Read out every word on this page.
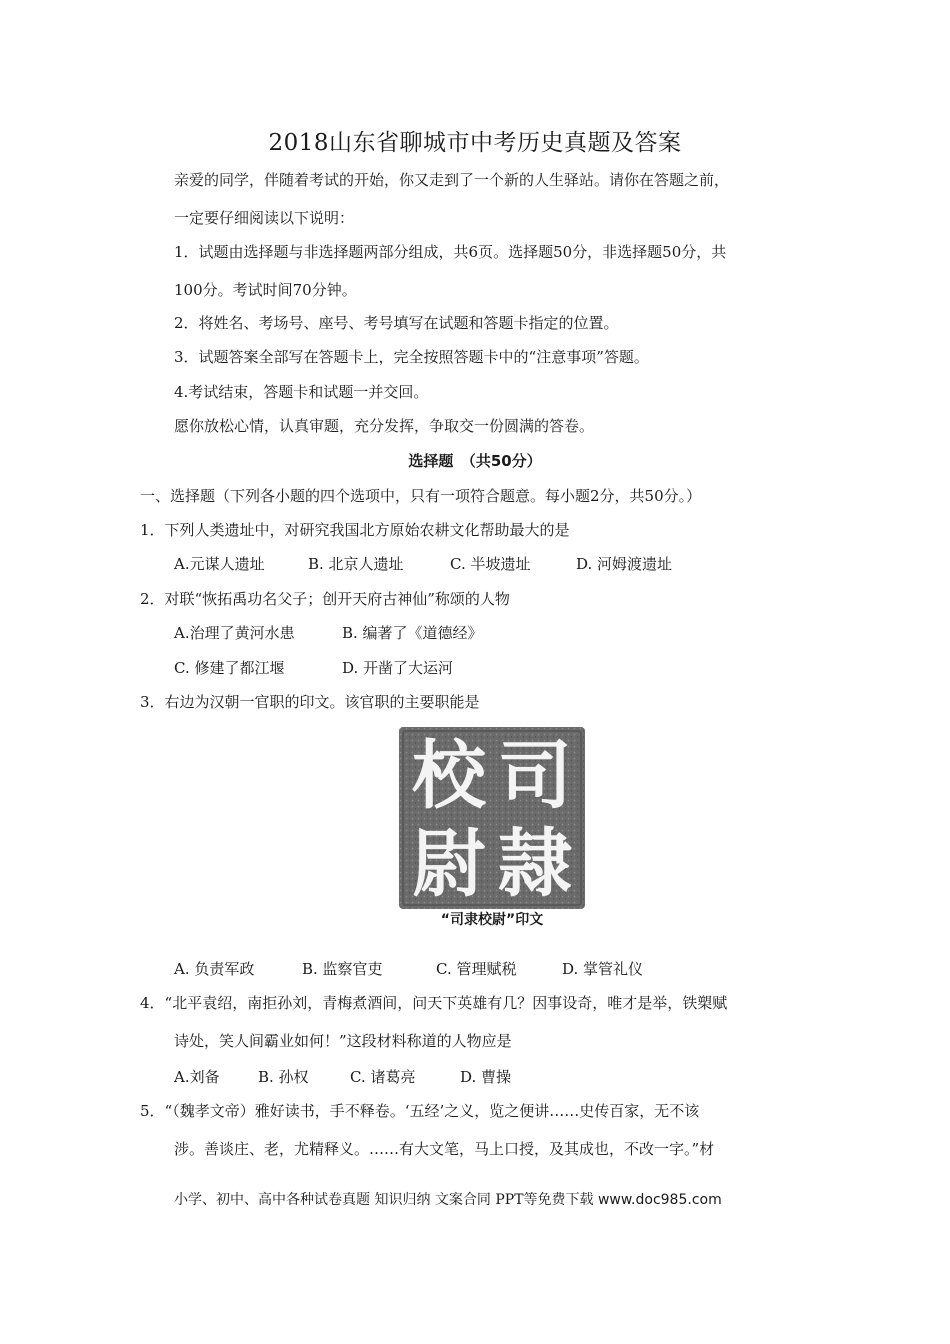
2018山东省聊城市中考历史真题及答案
亲爱的同学，伴随着考试的开始，你又走到了一个新的人生驿站。请你在答题之前，
一定要仔细阅读以下说明：
1．试题由选择题与非选择题两部分组成，共6页。选择题50分，非选择题50分，共
100分。考试时间70分钟。
2．将姓名、考场号、座号、考号填写在试题和答题卡指定的位置。
3．试题答案全部写在答题卡上，完全按照答题卡中的“注意事项”答题。
4.考试结束，答题卡和试题一并交回。
愿你放松心情，认真审题，充分发挥，争取交一份圆满的答卷。
选择题　（共50分）
一、选择题（下列各小题的四个选项中，只有一项符合题意。每小题2分，共50分。）
1．下列人类遗址中，对研究我国北方原始农耕文化帮助最大的是
A.元谋人遗址	B. 北京人遗址	C. 半坡遗址	D. 河姆渡遗址
2．对联“恢拓禹功名父子；创开天府古神仙”称颂的人物
A.治理了黄河水患	B. 编著了《道德经》
C. 修建了都江堰	D. 开凿了大运河
3．右边为汉朝一官职的印文。该官职的主要职能是
司
隷
校
尉
“司隶校尉”印文
A. 负责军政	B. 监察官吏	C. 管理赋税	D. 掌管礼仪
4．“北平袁绍，南拒孙刘，青梅煮酒间，问天下英雄有几？因事设奇，唯才是举，铁槊赋
诗处，笑人间霸业如何！”这段材料称道的人物应是
A.刘备	B. 孙权	C. 诸葛亮	D. 曹操
5．“（魏孝文帝）雅好读书，手不释卷。‘五经’之义，览之便讲……史传百家，无不该
涉。善谈庄、老，尤精释义。……有大文笔，马上口授，及其成也，不改一字。”材
小学、初中、高中各种试卷真题 知识归纳 文案合同 PPT等免费下载 www.doc985.com
